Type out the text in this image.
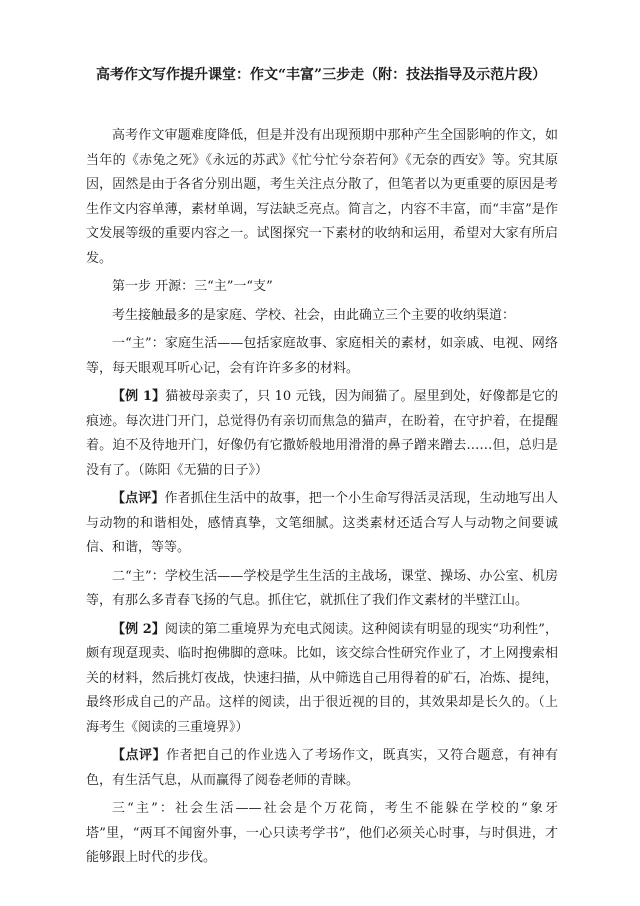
高考作文写作提升课堂：作文“丰富”三步走（附：技法指导及示范片段）

高考作文审题难度降低，但是并没有出现预期中那种产生全国影响的作文，如当年的《赤兔之死》《永远的苏武》《忙兮忙兮奈若何》《无奈的西安》等。究其原因，固然是由于各省分别出题，考生关注点分散了，但笔者以为更重要的原因是考生作文内容单薄，素材单调，写法缺乏亮点。简言之，内容不丰富，而“丰富”是作文发展等级的重要内容之一。试图探究一下素材的收纳和运用，希望对大家有所启发。

第一步 开源：三“主”一“支”

考生接触最多的是家庭、学校、社会，由此确立三个主要的收纳渠道：

一“主”：家庭生活——包括家庭故事、家庭相关的素材，如亲戚、电视、网络等，每天眼观耳听心记，会有许许多多的材料。

【例 1】猫被母亲卖了，只 10 元钱，因为闹猫了。屋里到处，好像都是它的痕迹。每次进门开门，总觉得仍有亲切而焦急的猫声，在盼着，在守护着，在提醒着。迫不及待地开门，好像仍有它撒娇般地用滑滑的鼻子蹭来蹭去……但，总归是没有了。（陈阳《无猫的日子》）

【点评】作者抓住生活中的故事，把一个小生命写得活灵活现，生动地写出人与动物的和谐相处，感情真挚，文笔细腻。这类素材还适合写人与动物之间要诚信、和谐，等等。

二“主”：学校生活——学校是学生生活的主战场，课堂、操场、办公室、机房等，有那么多青春飞扬的气息。抓住它，就抓住了我们作文素材的半壁江山。

【例 2】阅读的第二重境界为充电式阅读。这种阅读有明显的现实“功利性”，颇有现趸现卖、临时抱佛脚的意味。比如，该交综合性研究作业了，才上网搜索相关的材料，然后挑灯夜战，快速扫描，从中筛选自己用得着的矿石，冶炼、提纯，最终形成自己的产品。这样的阅读，出于很近视的目的，其效果却是长久的。（上海考生《阅读的三重境界》）

【点评】作者把自己的作业选入了考场作文，既真实，又符合题意，有神有色，有生活气息，从而赢得了阅卷老师的青睐。

三“主”：社会生活——社会是个万花筒，考生不能躲在学校的“象牙塔”里，“两耳不闻窗外事，一心只读考学书”，他们必须关心时事，与时俱进，才能够跟上时代的步伐。
